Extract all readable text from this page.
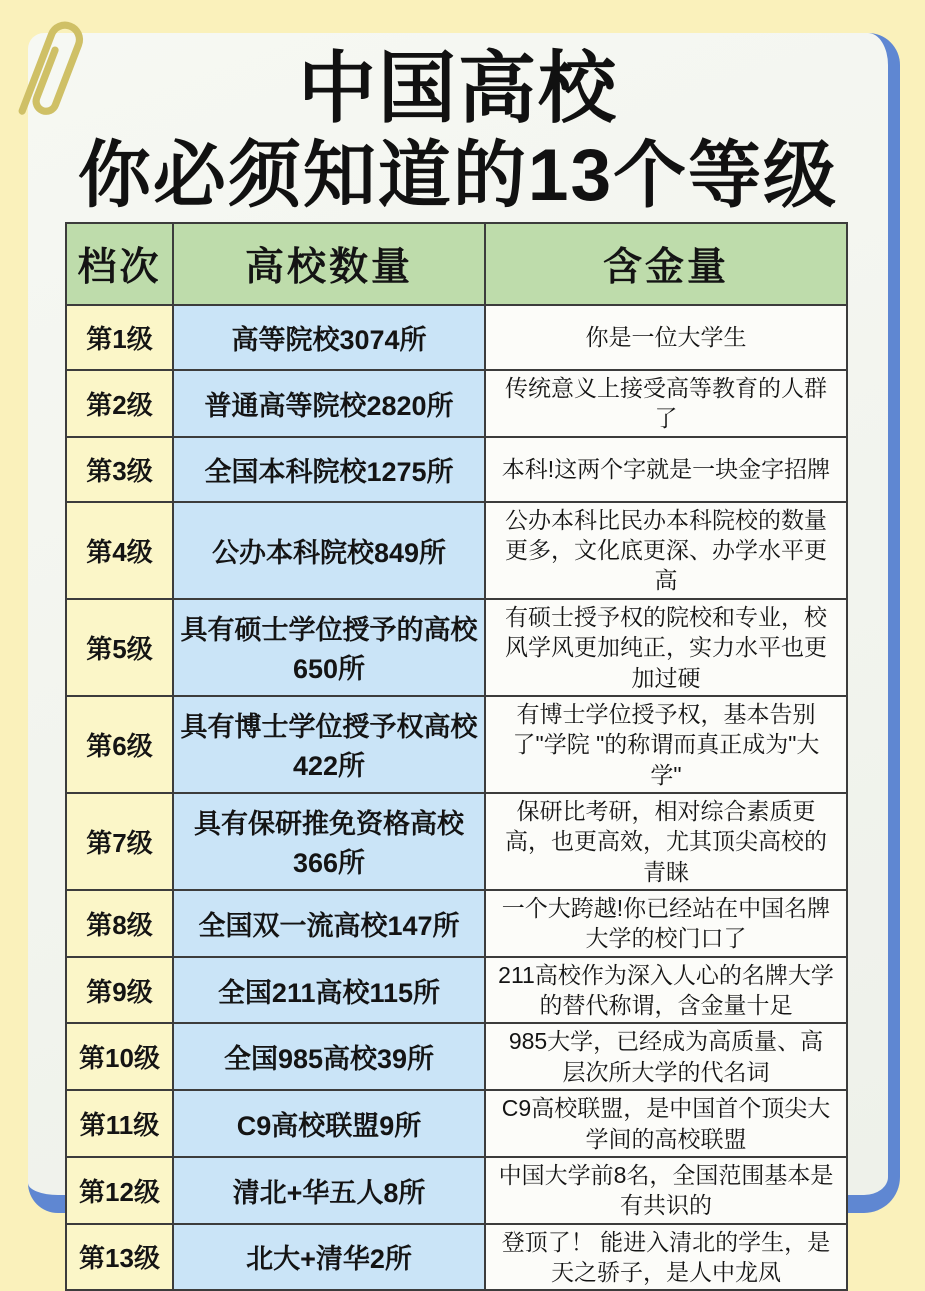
中国高校
你必须知道的13个等级
档次	高校数量	含金量
第1级	高等院校3074所	你是一位大学生
第2级	普通高等院校2820所	传统意义上接受高等教育的人群了
第3级	全国本科院校1275所	本科!这两个字就是一块金字招牌
第4级	公办本科院校849所	公办本科比民办本科院校的数量更多，文化底更深、办学水平更高
第5级	具有硕士学位授予的高校650所	有硕士授予权的院校和专业，校风学风更加纯正，实力水平也更加过硬
第6级	具有博士学位授予权高校422所	有博士学位授予权，基本告别了"学院 "的称谓而真正成为"大学"
第7级	具有保研推免资格高校366所	保研比考研，相对综合素质更高，也更高效，尤其顶尖高校的青睐
第8级	全国双一流高校147所	一个大跨越!你已经站在中国名牌大学的校门口了
第9级	全国211高校115所	211高校作为深入人心的名牌大学的替代称谓，含金量十足
第10级	全国985高校39所	985大学，已经成为高质量、高层次所大学的代名词
第11级	C9高校联盟9所	C9高校联盟，是中国首个顶尖大学间的高校联盟
第12级	清北+华五人8所	中国大学前8名，全国范围基本是有共识的
第13级	北大+清华2所	登顶了！ 能进入清北的学生，是天之骄子，是人中龙凤
